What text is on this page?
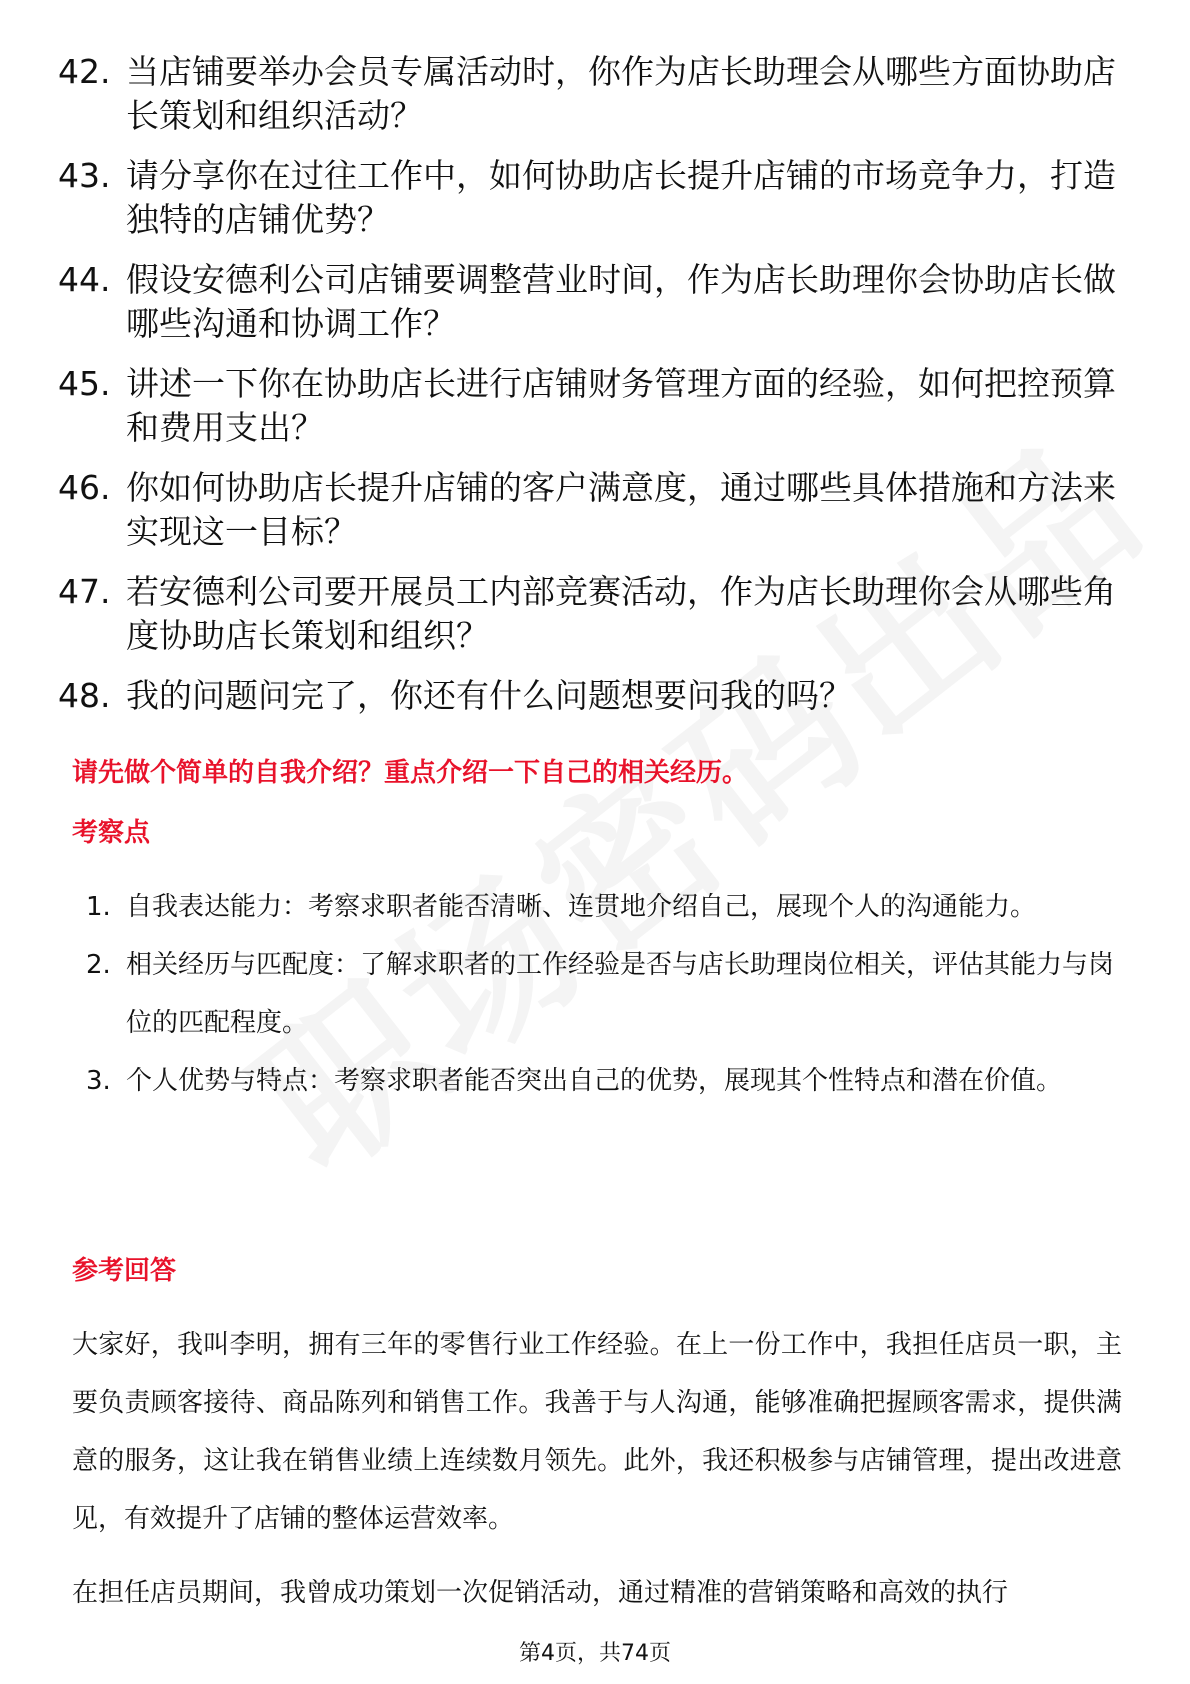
42. 当店铺要举办会员专属活动时，你作为店长助理会从哪些方面协助店长策划和组织活动？
43. 请分享你在过往工作中，如何协助店长提升店铺的市场竞争力，打造独特的店铺优势？
44. 假设安德利公司店铺要调整营业时间，作为店长助理你会协助店长做哪些沟通和协调工作？
45. 讲述一下你在协助店长进行店铺财务管理方面的经验，如何把控预算和费用支出？
46. 你如何协助店长提升店铺的客户满意度，通过哪些具体措施和方法来实现这一目标？
47. 若安德利公司要开展员工内部竞赛活动，作为店长助理你会从哪些角度协助店长策划和组织？
48. 我的问题问完了，你还有什么问题想要问我的吗？
请先做个简单的自我介绍？重点介绍一下自己的相关经历。
考察点
1. 自我表达能力：考察求职者能否清晰、连贯地介绍自己，展现个人的沟通能力。
2. 相关经历与匹配度：了解求职者的工作经验是否与店长助理岗位相关，评估其能力与岗位的匹配程度。
3. 个人优势与特点：考察求职者能否突出自己的优势，展现其个性特点和潜在价值。
参考回答
大家好，我叫李明，拥有三年的零售行业工作经验。在上一份工作中，我担任店员一职，主要负责顾客接待、商品陈列和销售工作。我善于与人沟通，能够准确把握顾客需求，提供满意的服务，这让我在销售业绩上连续数月领先。此外，我还积极参与店铺管理，提出改进意见，有效提升了店铺的整体运营效率。
在担任店员期间，我曾成功策划一次促销活动，通过精准的营销策略和高效的执行
第4页，共74页
